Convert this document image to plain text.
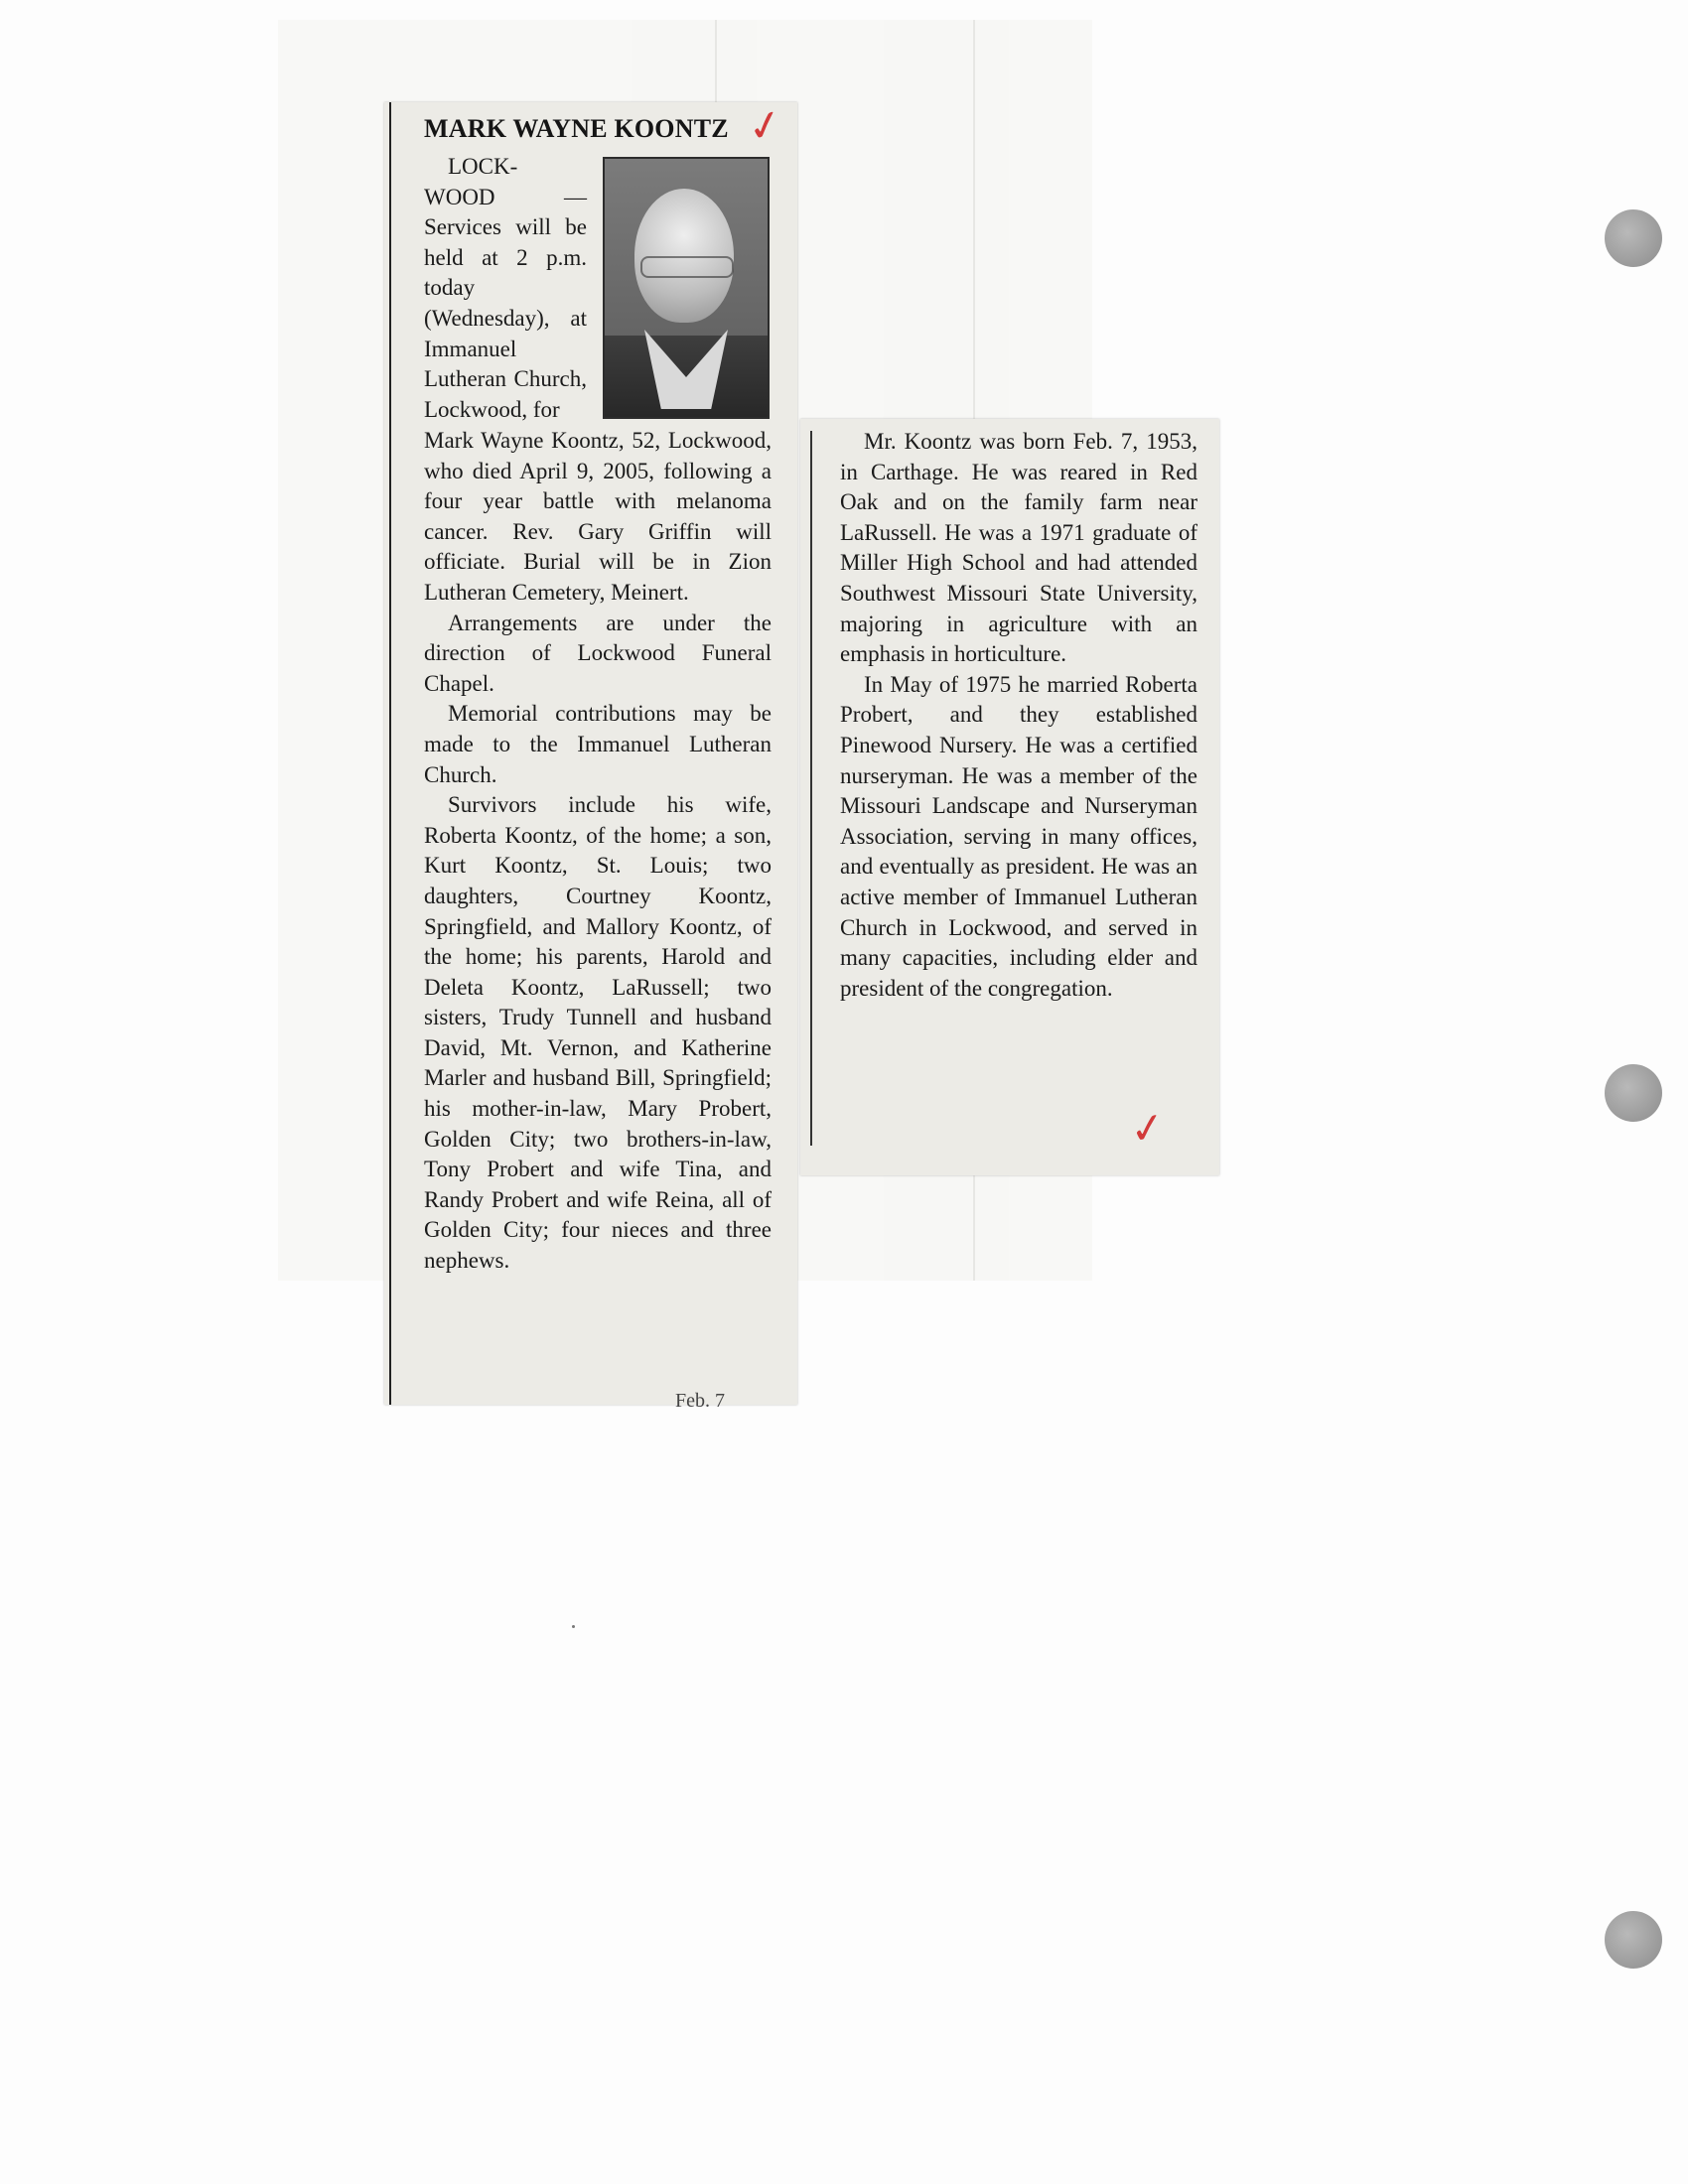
MARK WAYNE KOONTZ

LOCK-WOOD — Services will be held at 2 p.m. today (Wednesday), at Immanuel Lutheran Church, Lockwood, for

Mark Wayne Koontz, 52, Lockwood, who died April 9, 2005, following a four year battle with melanoma cancer. Rev. Gary Griffin will officiate. Burial will be in Zion Lutheran Cemetery, Meinert.

Arrangements are under the direction of Lockwood Funeral Chapel.

Memorial contributions may be made to the Immanuel Lutheran Church.

Survivors include his wife, Roberta Koontz, of the home; a son, Kurt Koontz, St. Louis; two daughters, Courtney Koontz, Springfield, and Mallory Koontz, of the home; his parents, Harold and Deleta Koontz, LaRussell; two sisters, Trudy Tunnell and husband David, Mt. Vernon, and Katherine Marler and husband Bill, Springfield; his mother-in-law, Mary Probert, Golden City; two brothers-in-law, Tony Probert and wife Tina, and Randy Probert and wife Reina, all of Golden City; four nieces and three nephews.

✓
Feb. 7

Mr. Koontz was born Feb. 7, 1953, in Carthage. He was reared in Red Oak and on the family farm near LaRussell. He was a 1971 graduate of Miller High School and had attended Southwest Missouri State University, majoring in agriculture with an emphasis in horticulture.

In May of 1975 he married Roberta Probert, and they established Pinewood Nursery. He was a certified nurseryman. He was a member of the Missouri Landscape and Nurseryman Association, serving in many offices, and eventually as president. He was an active member of Immanuel Lutheran Church in Lockwood, and served in many capacities, including elder and president of the congregation.

✓
